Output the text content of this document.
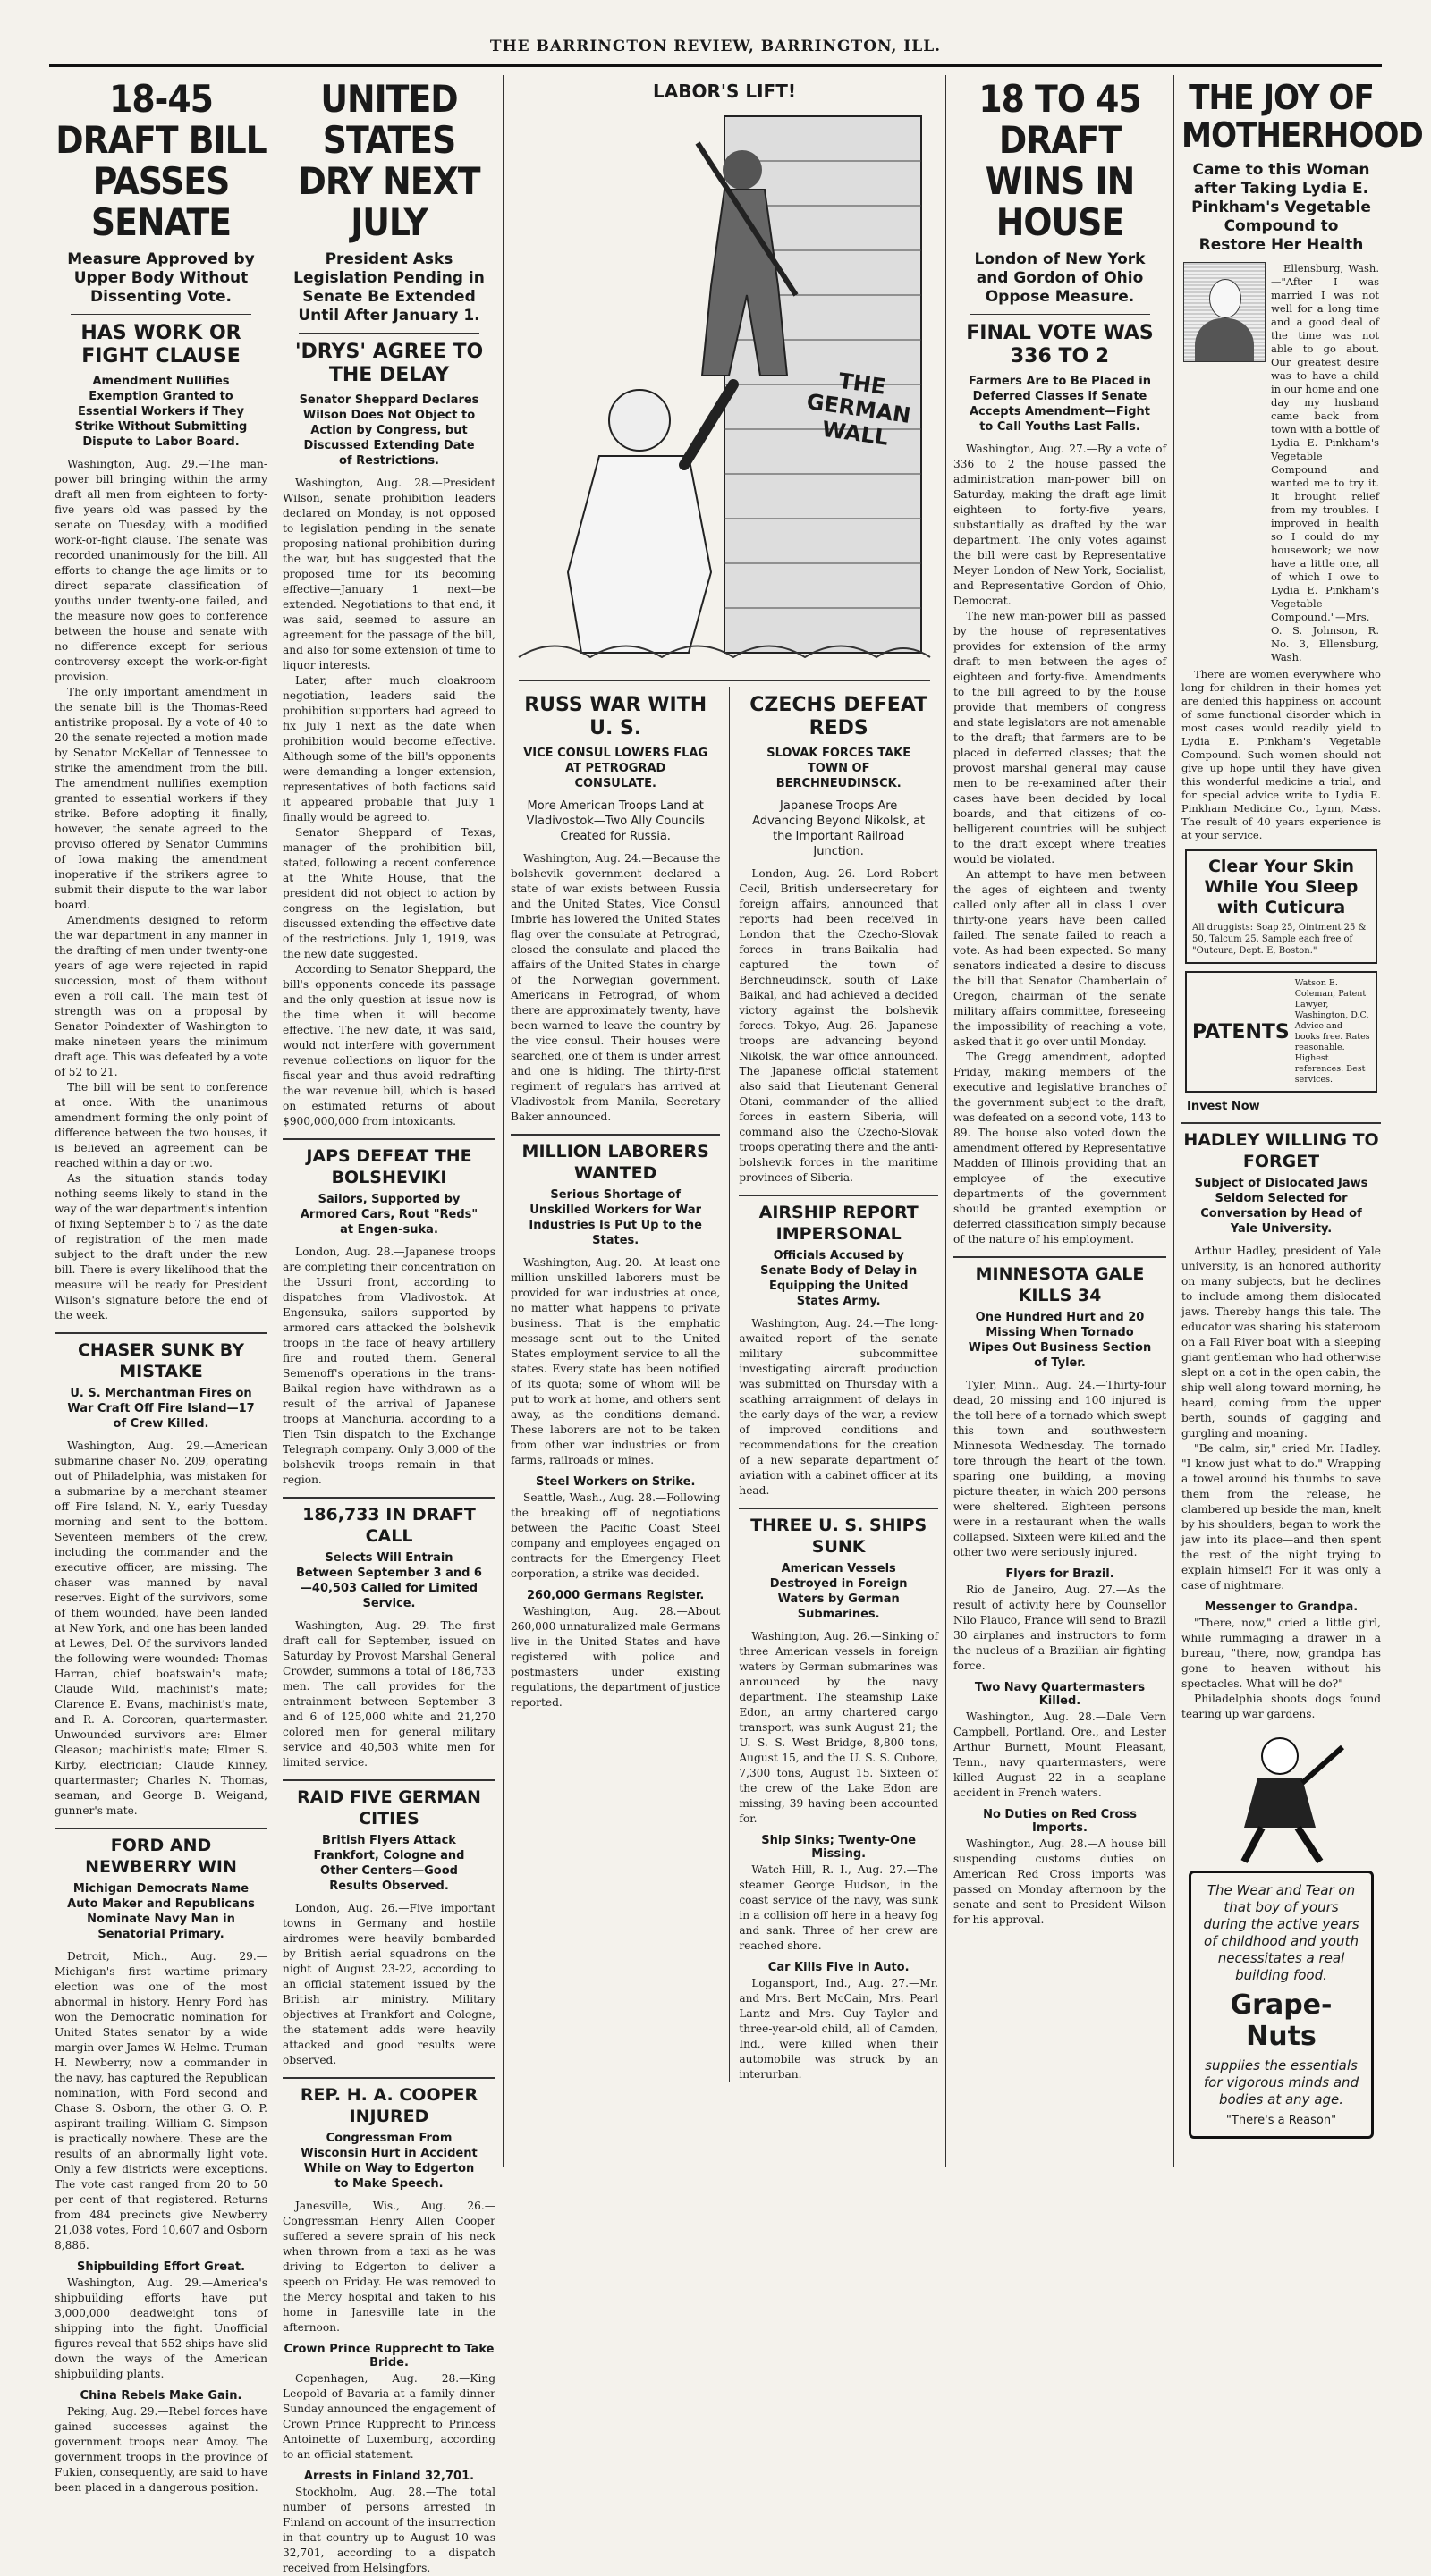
THE BARRINGTON REVIEW, BARRINGTON, ILL.
18-45 DRAFT BILL PASSES SENATE
Measure Approved by Upper Body Without Dissenting Vote.
HAS WORK OR FIGHT CLAUSE
Amendment Nullifies Exemption Granted to Essential Workers if They Strike Without Submitting Dispute to Labor Board.

Washington, Aug. 29.—The man-power bill bringing within the army draft all men from eighteen to forty-five years old was passed by the senate on Tuesday, with a modified work-or-fight clause. The senate was recorded unanimously for the bill. All efforts to change the age limits or to direct separate classification of youths under twenty-one failed, and the measure now goes to conference between the house and senate with no difference except for serious controversy except the work-or-fight provision.

The only important amendment in the senate bill is the Thomas-Reed antistrike proposal. By a vote of 40 to 20 the senate rejected a motion made by Senator McKellar of Tennessee to strike the amendment from the bill. The amendment nullifies exemption granted to essential workers if they strike. Before adopting it finally, however, the senate agreed to the proviso offered by Senator Cummins of Iowa making the amendment inoperative if the strikers agree to submit their dispute to the war labor board.

Amendments designed to reform the war department in any manner in the drafting of men under twenty-one years of age were rejected in rapid succession, most of them without even a roll call. The main test of strength was on a proposal by Senator Poindexter of Washington to make nineteen years the minimum draft age. This was defeated by a vote of 52 to 21.

The bill will be sent to conference at once. With the unanimous amendment forming the only point of difference between the two houses, it is believed an agreement can be reached within a day or two.

As the situation stands today nothing seems likely to stand in the way of the war department's intention of fixing September 5 to 7 as the date of registration of the men made subject to the draft under the new bill. There is every likelihood that the measure will be ready for President Wilson's signature before the end of the week.

CHASER SUNK BY MISTAKE
U. S. Merchantman Fires on War Craft Off Fire Island—17 of Crew Killed.

Washington, Aug. 29.—American submarine chaser No. 209, operating out of Philadelphia, was mistaken for a submarine by a merchant steamer off Fire Island, N. Y., early Tuesday morning and sent to the bottom. Seventeen members of the crew, including the commander and the executive officer, are missing. The chaser was manned by naval reserves. Eight of the survivors, some of them wounded, have been landed at New York, and one has been landed at Lewes, Del. Of the survivors landed the following were wounded: Thomas Harran, chief boatswain's mate; Claude Wild, machinist's mate; Clarence E. Evans, machinist's mate, and R. A. Corcoran, quartermaster. Unwounded survivors are: Elmer Gleason; machinist's mate; Elmer S. Kirby, electrician; Claude Kinney, quartermaster; Charles N. Thomas, seaman, and George B. Weigand, gunner's mate.

FORD AND NEWBERRY WIN
Michigan Democrats Name Auto Maker and Republicans Nominate Navy Man in Senatorial Primary.

Detroit, Mich., Aug. 29.—Michigan's first wartime primary election was one of the most abnormal in history. Henry Ford has won the Democratic nomination for United States senator by a wide margin over James W. Helme. Truman H. Newberry, now a commander in the navy, has captured the Republican nomination, with Ford second and Chase S. Osborn, the other G. O. P. aspirant trailing. William G. Simpson is practically nowhere. These are the results of an abnormally light vote. Only a few districts were exceptions. The vote cast ranged from 20 to 50 per cent of that registered. Returns from 484 precincts give Newberry 21,038 votes, Ford 10,607 and Osborn 8,886.

Shipbuilding Effort Great.

Washington, Aug. 29.—America's shipbuilding efforts have put 3,000,000 deadweight tons of shipping into the fight. Unofficial figures reveal that 552 ships have slid down the ways of the American shipbuilding plants.

China Rebels Make Gain.

Peking, Aug. 29.—Rebel forces have gained successes against the government troops near Amoy. The government troops in the province of Fukien, consequently, are said to have been placed in a dangerous position.

UNITED STATES DRY NEXT JULY
President Asks Legislation Pending in Senate Be Extended Until After January 1.
'DRYS' AGREE TO THE DELAY
Senator Sheppard Declares Wilson Does Not Object to Action by Congress, but Discussed Extending Date of Restrictions.

Washington, Aug. 28.—President Wilson, senate prohibition leaders declared on Monday, is not opposed to legislation pending in the senate proposing national prohibition during the war, but has suggested that the proposed time for its becoming effective—January 1 next—be extended. Negotiations to that end, it was said, seemed to assure an agreement for the passage of the bill, and also for some extension of time to liquor interests.

Later, after much cloakroom negotiation, leaders said the prohibition supporters had agreed to fix July 1 next as the date when prohibition would become effective. Although some of the bill's opponents were demanding a longer extension, representatives of both factions said it appeared probable that July 1 finally would be agreed to.

Senator Sheppard of Texas, manager of the prohibition bill, stated, following a recent conference at the White House, that the president did not object to action by congress on the legislation, but discussed extending the effective date of the restrictions. July 1, 1919, was the new date suggested.

According to Senator Sheppard, the bill's opponents concede its passage and the only question at issue now is the time when it will become effective. The new date, it was said, would not interfere with government revenue collections on liquor for the fiscal year and thus avoid redrafting the war revenue bill, which is based on estimated returns of about $900,000,000 from intoxicants.

JAPS DEFEAT THE BOLSHEVIKI
Sailors, Supported by Armored Cars, Rout "Reds" at Engen-suka.

London, Aug. 28.—Japanese troops are completing their concentration on the Ussuri front, according to dispatches from Vladivostok. At Engensuka, sailors supported by armored cars attacked the bolshevik troops in the face of heavy artillery fire and routed them. General Semenoff's operations in the trans-Baikal region have withdrawn as a result of the arrival of Japanese troops at Manchuria, according to a Tien Tsin dispatch to the Exchange Telegraph company. Only 3,000 of the bolshevik troops remain in that region.

186,733 IN DRAFT CALL
Selects Will Entrain Between September 3 and 6—40,503 Called for Limited Service.

Washington, Aug. 29.—The first draft call for September, issued on Saturday by Provost Marshal General Crowder, summons a total of 186,733 men. The call provides for the entrainment between September 3 and 6 of 125,000 white and 21,270 colored men for general military service and 40,503 white men for limited service.

RAID FIVE GERMAN CITIES
British Flyers Attack Frankfort, Cologne and Other Centers—Good Results Observed.

London, Aug. 26.—Five important towns in Germany and hostile airdromes were heavily bombarded by British aerial squadrons on the night of August 23-22, according to an official statement issued by the British air ministry. Military objectives at Frankfort and Cologne, the statement adds were heavily attacked and good results were observed.

REP. H. A. COOPER INJURED
Congressman From Wisconsin Hurt in Accident While on Way to Edgerton to Make Speech.

Janesville, Wis., Aug. 26.—Congressman Henry Allen Cooper suffered a severe sprain of his neck when thrown from a taxi as he was driving to Edgerton to deliver a speech on Friday. He was removed to the Mercy hospital and taken to his home in Janesville late in the afternoon.

Crown Prince Rupprecht to Take Bride.

Copenhagen, Aug. 28.—King Leopold of Bavaria at a family dinner Sunday announced the engagement of Crown Prince Rupprecht to Princess Antoinette of Luxemburg, according to an official statement.

Arrests in Finland 32,701.

Stockholm, Aug. 28.—The total number of persons arrested in Finland on account of the insurrection in that country up to August 10 was 32,701, according to a dispatch received from Helsingfors.

LABOR'S LIFT!
THE GERMAN WALL
RUSS WAR WITH U. S.
VICE CONSUL LOWERS FLAG AT PETROGRAD CONSULATE.
More American Troops Land at Vladivostok—Two Ally Councils Created for Russia.

Washington, Aug. 24.—Because the bolshevik government declared a state of war exists between Russia and the United States, Vice Consul Imbrie has lowered the United States flag over the consulate at Petrograd, closed the consulate and placed the affairs of the United States in charge of the Norwegian government. Americans in Petrograd, of whom there are approximately twenty, have been warned to leave the country by the vice consul. Their houses were searched, one of them is under arrest and one is hiding. The thirty-first regiment of regulars has arrived at Vladivostok from Manila, Secretary Baker announced.

MILLION LABORERS WANTED
Serious Shortage of Unskilled Workers for War Industries Is Put Up to the States.

Washington, Aug. 20.—At least one million unskilled laborers must be provided for war industries at once, no matter what happens to private business. That is the emphatic message sent out to the United States employment service to all the states. Every state has been notified of its quota; some of whom will be put to work at home, and others sent away, as the conditions demand. These laborers are not to be taken from other war industries or from farms, railroads or mines.

Steel Workers on Strike.

Seattle, Wash., Aug. 28.—Following the breaking off of negotiations between the Pacific Coast Steel company and employees engaged on contracts for the Emergency Fleet corporation, a strike was decided.

260,000 Germans Register.

Washington, Aug. 28.—About 260,000 unnaturalized male Germans live in the United States and have registered with police and postmasters under existing regulations, the department of justice reported.

CZECHS DEFEAT REDS
SLOVAK FORCES TAKE TOWN OF BERCHNEUDINSCK.
Japanese Troops Are Advancing Beyond Nikolsk, at the Important Railroad Junction.

London, Aug. 26.—Lord Robert Cecil, British undersecretary for foreign affairs, announced that reports had been received in London that the Czecho-Slovak forces in trans-Baikalia had captured the town of Berchneudinsck, south of Lake Baikal, and had achieved a decided victory against the bolshevik forces. Tokyo, Aug. 26.—Japanese troops are advancing beyond Nikolsk, the war office announced. The Japanese official statement also said that Lieutenant General Otani, commander of the allied forces in eastern Siberia, will command also the Czecho-Slovak troops operating there and the anti-bolshevik forces in the maritime provinces of Siberia.

AIRSHIP REPORT IMPERSONAL
Officials Accused by Senate Body of Delay in Equipping the United States Army.

Washington, Aug. 24.—The long-awaited report of the senate military subcommittee investigating aircraft production was submitted on Thursday with a scathing arraignment of delays in the early days of the war, a review of improved conditions and recommendations for the creation of a new separate department of aviation with a cabinet officer at its head.

THREE U. S. SHIPS SUNK
American Vessels Destroyed in Foreign Waters by German Submarines.

Washington, Aug. 26.—Sinking of three American vessels in foreign waters by German submarines was announced by the navy department. The steamship Lake Edon, an army chartered cargo transport, was sunk August 21; the U. S. S. West Bridge, 8,800 tons, August 15, and the U. S. S. Cubore, 7,300 tons, August 15. Sixteen of the crew of the Lake Edon are missing, 39 having been accounted for.

Ship Sinks; Twenty-One Missing.

Watch Hill, R. I., Aug. 27.—The steamer George Hudson, in the coast service of the navy, was sunk in a collision off here in a heavy fog and sank. Three of her crew are reached shore.

Car Kills Five in Auto.

Logansport, Ind., Aug. 27.—Mr. and Mrs. Bert McCain, Mrs. Pearl Lantz and Mrs. Guy Taylor and three-year-old child, all of Camden, Ind., were killed when their automobile was struck by an interurban.

18 TO 45 DRAFT WINS IN HOUSE
London of New York and Gordon of Ohio Oppose Measure.
FINAL VOTE WAS 336 TO 2
Farmers Are to Be Placed in Deferred Classes if Senate Accepts Amendment—Fight to Call Youths Last Falls.

Washington, Aug. 27.—By a vote of 336 to 2 the house passed the administration man-power bill on Saturday, making the draft age limit eighteen to forty-five years, substantially as drafted by the war department. The only votes against the bill were cast by Representative Meyer London of New York, Socialist, and Representative Gordon of Ohio, Democrat.

The new man-power bill as passed by the house of representatives provides for extension of the army draft to men between the ages of eighteen and forty-five. Amendments to the bill agreed to by the house provide that members of congress and state legislators are not amenable to the draft; that farmers are to be placed in deferred classes; that the provost marshal general may cause men to be re-examined after their cases have been decided by local boards, and that citizens of co-belligerent countries will be subject to the draft except where treaties would be violated.

An attempt to have men between the ages of eighteen and twenty called only after all in class 1 over thirty-one years have been called failed. The senate failed to reach a vote. As had been expected. So many senators indicated a desire to discuss the bill that Senator Chamberlain of Oregon, chairman of the senate military affairs committee, foreseeing the impossibility of reaching a vote, asked that it go over until Monday.

The Gregg amendment, adopted Friday, making members of the executive and legislative branches of the government subject to the draft, was defeated on a second vote, 143 to 89. The house also voted down the amendment offered by Representative Madden of Illinois providing that an employee of the executive departments of the government should be granted exemption or deferred classification simply because of the nature of his employment.

MINNESOTA GALE KILLS 34
One Hundred Hurt and 20 Missing When Tornado Wipes Out Business Section of Tyler.

Tyler, Minn., Aug. 24.—Thirty-four dead, 20 missing and 100 injured is the toll here of a tornado which swept this town and southwestern Minnesota Wednesday. The tornado tore through the heart of the town, sparing one building, a moving picture theater, in which 200 persons were sheltered. Eighteen persons were in a restaurant when the walls collapsed. Sixteen were killed and the other two were seriously injured.

Flyers for Brazil.

Rio de Janeiro, Aug. 27.—As the result of activity here by Counsellor Nilo Plauco, France will send to Brazil 30 airplanes and instructors to form the nucleus of a Brazilian air fighting force.

Two Navy Quartermasters Killed.

Washington, Aug. 28.—Dale Vern Campbell, Portland, Ore., and Lester Arthur Burnett, Mount Pleasant, Tenn., navy quartermasters, were killed August 22 in a seaplane accident in French waters.

No Duties on Red Cross Imports.

Washington, Aug. 28.—A house bill suspending customs duties on American Red Cross imports was passed on Monday afternoon by the senate and sent to President Wilson for his approval.

THE JOY OF MOTHERHOOD
Came to this Woman after Taking Lydia E. Pinkham's Vegetable Compound to Restore Her Health

Ellensburg, Wash.—"After I was married I was not well for a long time and a good deal of the time was not able to go about. Our greatest desire was to have a child in our home and one day my husband came back from town with a bottle of Lydia E. Pinkham's Vegetable Compound and wanted me to try it. It brought relief from my troubles. I improved in health so I could do my housework; we now have a little one, all of which I owe to Lydia E. Pinkham's Vegetable Compound."—Mrs. O. S. Johnson, R. No. 3, Ellensburg, Wash.

There are women everywhere who long for children in their homes yet are denied this happiness on account of some functional disorder which in most cases would readily yield to Lydia E. Pinkham's Vegetable Compound. Such women should not give up hope until they have given this wonderful medicine a trial, and for special advice write to Lydia E. Pinkham Medicine Co., Lynn, Mass. The result of 40 years experience is at your service.

Clear Your Skin While You Sleep with Cuticura
All druggists: Soap 25, Ointment 25 & 50, Talcum 25. Sample each free of "Outcura, Dept. E, Boston."
PATENTS
Watson E. Coleman, Patent Lawyer, Washington, D.C. Advice and books free. Rates reasonable. Highest references. Best services.
Invest Now
HADLEY WILLING TO FORGET
Subject of Dislocated Jaws Seldom Selected for Conversation by Head of Yale University.

Arthur Hadley, president of Yale university, is an honored authority on many subjects, but he declines to include among them dislocated jaws. Thereby hangs this tale. The educator was sharing his stateroom on a Fall River boat with a sleeping giant gentleman who had otherwise slept on a cot in the open cabin, the ship well along toward morning, he heard, coming from the upper berth, sounds of gagging and gurgling and moaning.

"Be calm, sir," cried Mr. Hadley. "I know just what to do." Wrapping a towel around his thumbs to save them from the release, he clambered up beside the man, knelt by his shoulders, began to work the jaw into its place—and then spent the rest of the night trying to explain himself! For it was only a case of nightmare.

Messenger to Grandpa.

"There, now," cried a little girl, while rummaging a drawer in a bureau, "there, now, grandpa has gone to heaven without his spectacles. What will he do?"

Philadelphia shoots dogs found tearing up war gardens.

The Wear and Tear on that boy of yours during the active years of childhood and youth necessitates a real building food.
Grape-Nuts
supplies the essentials for vigorous minds and bodies at any age.
"There's a Reason"
